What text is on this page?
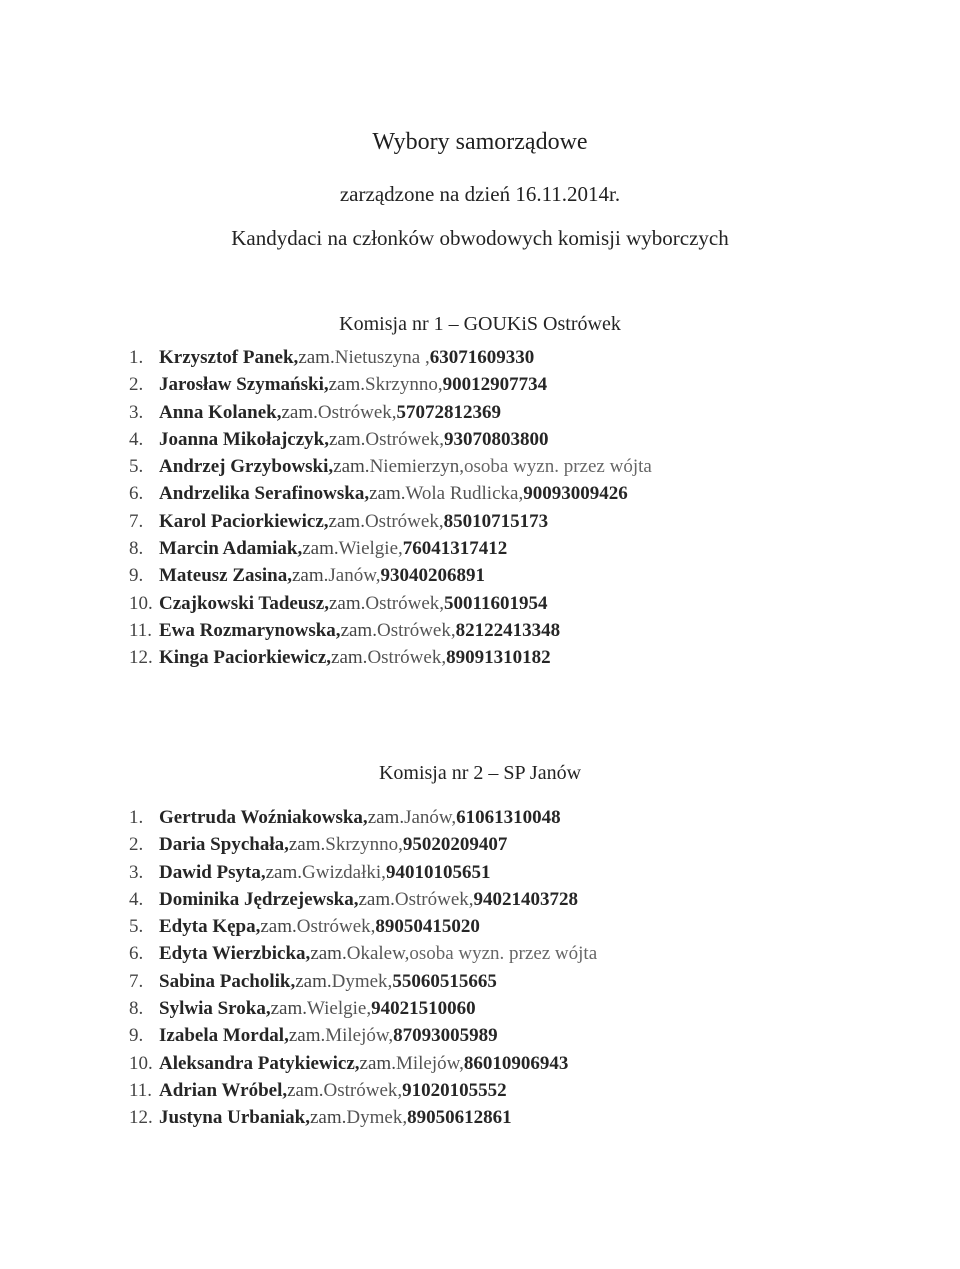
Wybory samorządowe
zarządzone na dzień 16.11.2014r.
Kandydaci na członków obwodowych komisji wyborczych
Komisja nr 1 – GOUKiS Ostrówek
1. Krzysztof Panek, zam. Nietuszyna , 63071609330
2. Jarosław Szymański, zam. Skrzynno, 90012907734
3. Anna Kolanek, zam. Ostrówek, 57072812369
4. Joanna Mikołajczyk, zam. Ostrówek, 93070803800
5. Andrzej Grzybowski, zam. Niemierzyn, osoba wyzn. przez wójta
6. Andrzelika Serafinowska, zam. Wola Rudlicka, 90093009426
7. Karol Paciorkiewicz, zam. Ostrówek, 85010715173
8. Marcin Adamiak, zam. Wielgie, 76041317412
9. Mateusz Zasina, zam. Janów, 93040206891
10. Czajkowski Tadeusz, zam. Ostrówek, 50011601954
11. Ewa Rozmarynowska, zam. Ostrówek, 82122413348
12. Kinga Paciorkiewicz, zam. Ostrówek, 89091310182
Komisja nr 2 – SP Janów
1. Gertruda Woźniakowska, zam. Janów, 61061310048
2. Daria Spychała, zam. Skrzynno, 95020209407
3. Dawid Psyta, zam. Gwizdałki, 94010105651
4. Dominika Jędrzejewska, zam. Ostrówek, 94021403728
5. Edyta Kępa, zam. Ostrówek, 89050415020
6. Edyta Wierzbicka, zam. Okalew, osoba wyzn. przez wójta
7. Sabina Pacholik, zam. Dymek, 55060515665
8. Sylwia Sroka, zam. Wielgie, 94021510060
9. Izabela Mordal, zam. Milejów, 87093005989
10. Aleksandra Patykiewicz, zam. Milejów, 86010906943
11. Adrian Wróbel, zam. Ostrówek, 91020105552
12. Justyna Urbaniak, zam. Dymek, 89050612861
